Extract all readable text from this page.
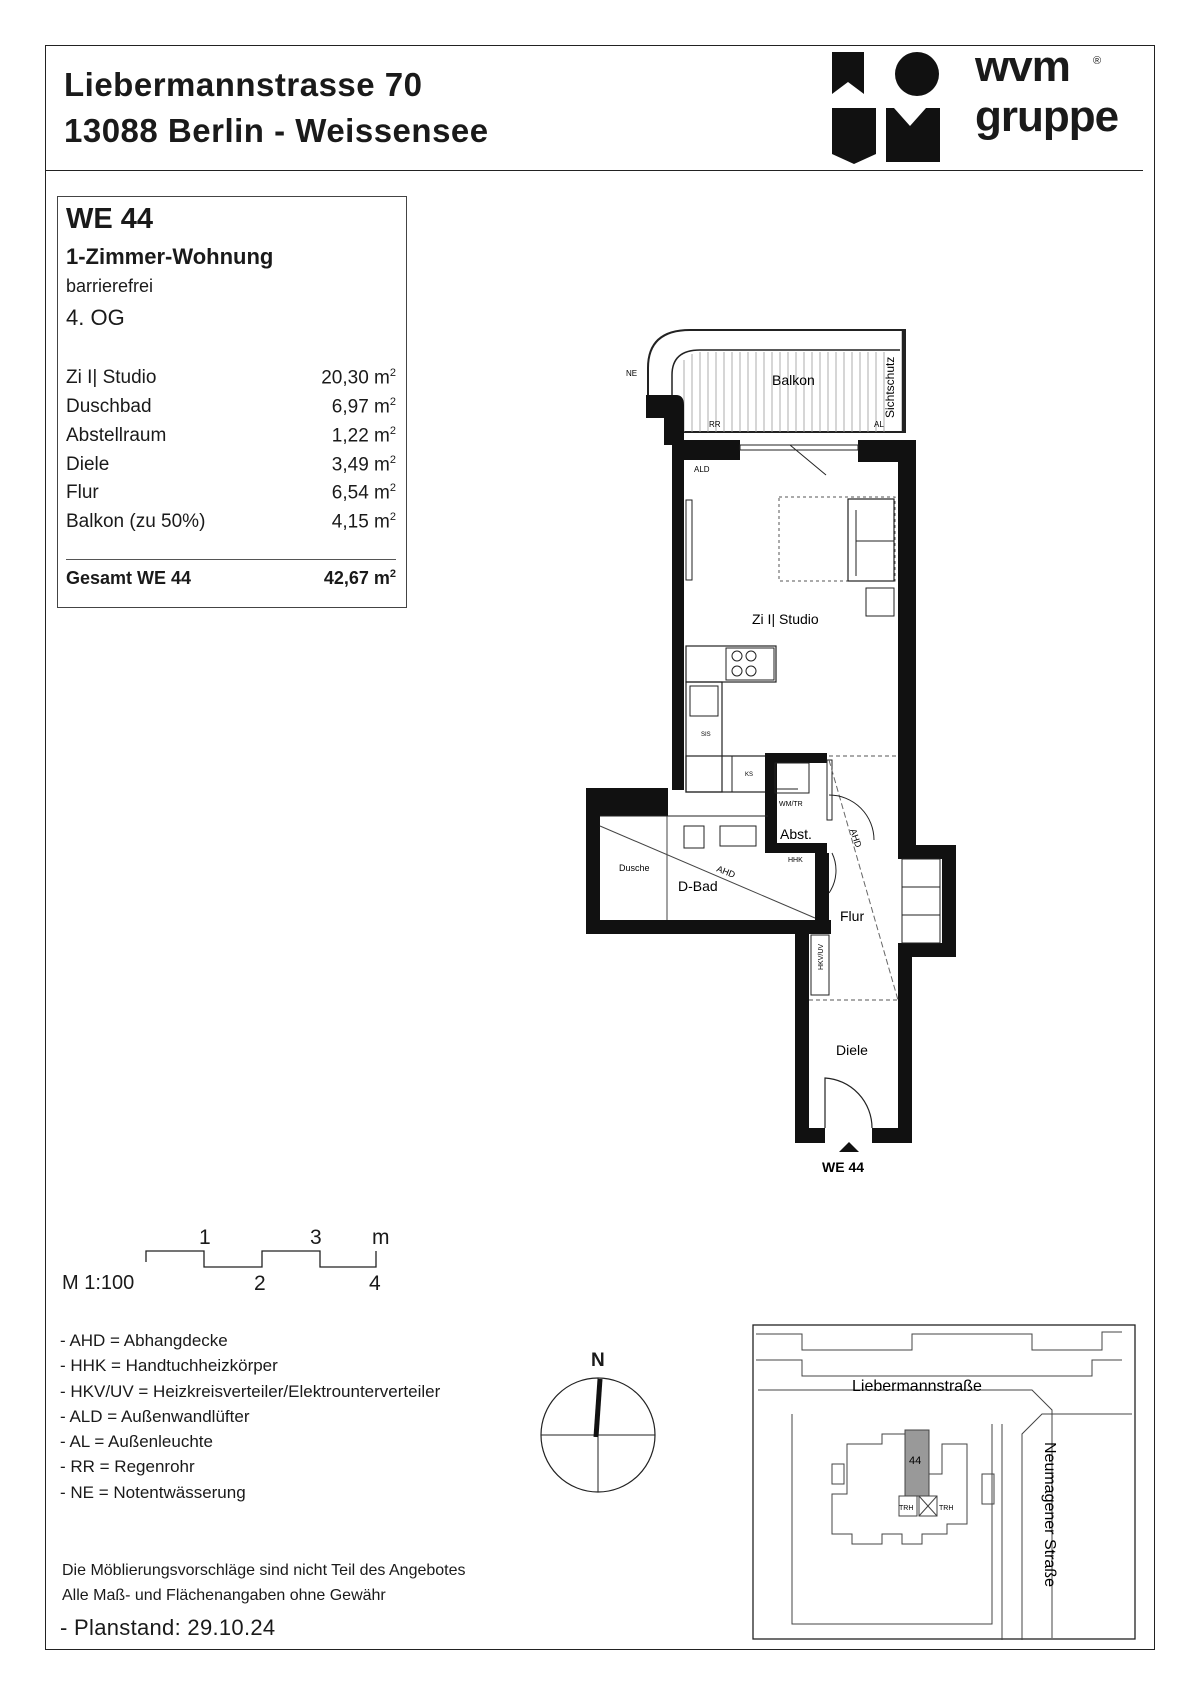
Liebermannstrasse 70
13088 Berlin - Weissensee
wvm
gruppe
®
WE 44
1-Zimmer-Wohnung
barrierefrei
4. OG
Zi I| Studio	20,30 $m^2$
Duschbad	6,97 $m^2$
Abstellraum	1,22 $m^2$
Diele	3,49 $m^2$
Flur	6,54 $m^2$
Balkon (zu 50%)	4,15 $m^2$
Gesamt WE 44	42,67 $m^2$
Balkon	Sichtschutz
NE
RR	AL
ALD
Zi I| Studio
SIS
KS
WM/TR
Abst.
HHK
AHD
AHD
Dusche
D-Bad
Flur
HKV/UV
Diele
WE 44
1	3 m
2	4
M 1:100
- AHD = Abhangdecke
- HHK = Handtuchheizkörper
- HKV/UV = Heizkreisverteiler/Elektrounterverteiler
- ALD = Außenwandlüfter
- AL = Außenleuchte
- RR = Regenrohr
- NE = Notentwässerung
N
Liebermannstraße
Neumagener Straße
44
TRH	TRH
Die Möblierungsvorschläge sind nicht Teil des Angebotes
Alle Maß- und Flächenangaben ohne Gewähr
- Planstand: 29.10.24
